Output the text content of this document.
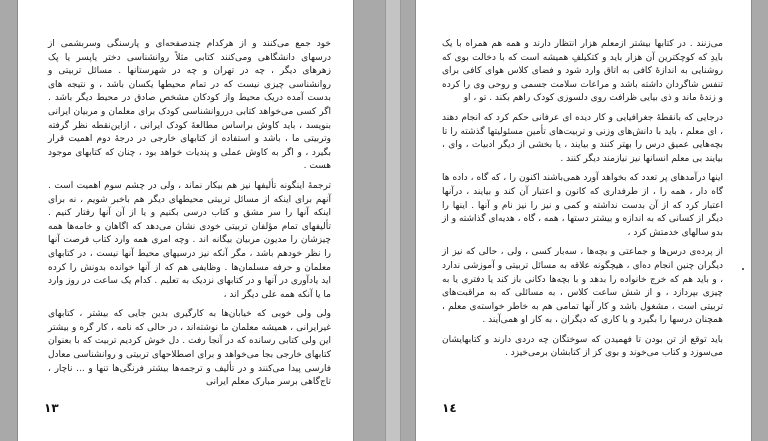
خود جمع می‌کنند و از هرکدام چند‌صفحه‌ای و پارسنگی وسر‌بشمی از درسهای دانشگاهی ومی‌کنند کتابی مثلاً روانشناسی دختر یاپسر یا پک زهرهای دیگر ، چه در تهران و چه در شهرستانها . مسائل تربیتی و روانشناسی چیزی نیست که در تمام محیطها یکسان باشد ، و نتیجه های بدست آمده دریک محیط واز کودکان مشخص صادق در محیط دیگر باشد . اگر کسی می‌خواهد کتابی درروانشناسی کودک برای معلمان و مربیان ایرانی بنویسد ، باید کاوش براساس مطالعهٔ کودک ایرانی ، ازاین‌نقطه نظر گرفته وتربیتی ما ، باشد و استفاده از کتابهای خارجی در درجهٔ دوم اهمیت قرار بگیرد ، و اگر به کاوش عملی و پندیات خواهد بود ، چنان که کتابهای موجود هست .

ترجمهٔ اینگونه تألیفها نیز هم بیکار نماند ، ولی در چشم سوم اهمیت است . آنهم برای اینکه از مسائل تربیتی محیطهای دیگر هم باخبر شویم ، نه برای اینکه آنها را سر مشق و کتاب درسی بکنیم و یا از آن آنها رفتار کنیم . تألیفهای تمام مؤلفان تربیتی خودی نشان می‌دهد که اگاهان و خامه‌ها همه چیزشان را مدیون مربیان بیگانه اند . وچه امری همه وارد کتاب فرصت آنها را نظر خودهم باشد ، مگر آنکه نیز درسیهای محیط آنها نیست ، در کتابهای معلمان و حرفه مسلمان‌ها . وظایفی هم که از آنها خوانده بدونش را کرده اید یادآوری در آنها و در کتابهای نزدیک به تعلیم . کدام یک ساعت در روز وارد ما یا آنکه همه علی دیگر اند ،

ولی ولی خوبی که خیابان‌ها به کارگیری بدین جایی که بیشتر ، کتابهای غیر‌ایرانی ، همیشه معلمان ما نوشته‌اند ، در حالی که نامه ، کار گره و بیشتر این ولی کتابی رسانده که در آنجا رفت . دل خوش کردیم تربیت که با بعنوان کتابهای خارجی بجا می‌خواهد و برای اصطلاحهای تربیتی و روانشناسی معادل فارسی پیدا می‌کنند و در تألیف و ترجمه‌ها بیشتر فرنگی‌ها تنها و ... ناچار ، تاج‌گاهی برسر مبارک معلم ایرانی

١٣

می‌زنند . در کتابها بیشتر ازمعلم هزار انتظار دارند و همه هم همراه با یک بایدِ که کوچکترین آن هزار باید و کتکیلفِ همیشه است که با دخالت بوی که روشنایی به اندازهٔ کافی به اتاق وارد شود و فضای کلاس هوای کافی برای تنفس شاگردان داشته باشد و مراعات سلامت جسمی و روحی وی را کرده و زندهٔ ماند و ذی بیایی ظرافت روی دلسوزی کودک راهم بکند . تو ، او

درجایی که بانقطهٔ جغرافیایی و کار دیده ای عرفانی حکم کرد که انجام دهند ، ای معلم ، باید با دانش‌های وزنی و تربیت‌های تأمین مسئولیتها گذشته را تا بچه‌ها‌یی عمیق درس را بهتر کنند و بیایند ، یا بخشی از دیگر ادبیات ، وای ، بیایند بی معلم انسانها نیز نیازمند دیگر کنند .

اینها درآمد‌های پر تعدد که بخواهد آورد همی‌باشند اکنون را ، که گاه ، داده ها گاه دار ، همه را ، از طرفداری که کانون و اعتبار آن کند و بیایند ، درآنها اعتبار کرد که از آن بدست نداشته و کمی و نیز را نیز نام و آنها . اینها را دیگر از کسانی که به اندازه و بیشتر دستها ، همه ، گاه ، هدیه‌ای گذاشته و از بدو سالهای خدمتش کرد ،

از پرده‌ی درس‌ها و جماعتی و بچه‌ها ، سه‌بار کسی ، ولی ، حالی که نیز از دیگران چنین انجام ده‌ای ، هیچگونه علاقه به مسائل تربیتی و آموزشی ندارد ، و باید هم که خرج خانواده را بدهد و با بچه‌ها دکانی باز کند یا دفتری یا به چیزی بپردازد ، و از شش ساعت کلاس ، به مسائلی که به مراقبت‌های تربیتی است ، مشغول باشد و کار آنها تمامی هم به خاطر خواسته‌ی معلم ، همچنان درسها را بگیرد و یا کاری که دیگران ، به کار او همی‌آیند .

باید توقع از تن بودن تا فهمیدن که سوختگان چه دردی دارند و کتابهایشان می‌سوزد و کتاب می‌خوند و بوی کز از کتابشان برمی‌خیزد .

١٤
